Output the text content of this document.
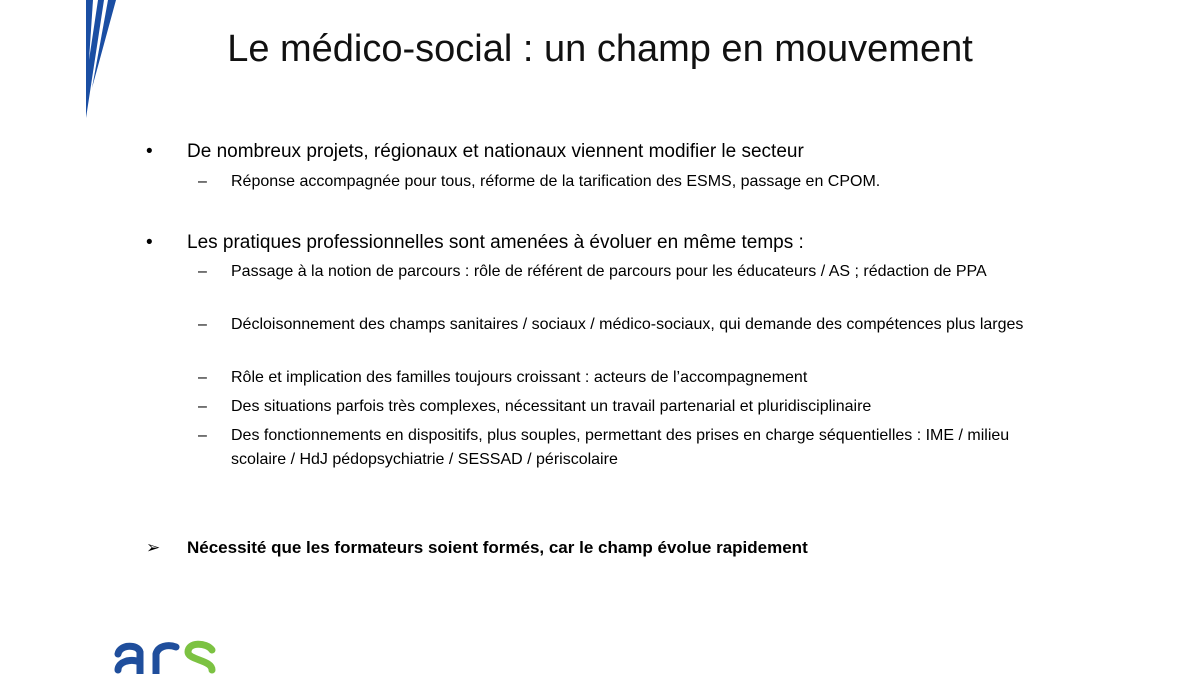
Le médico-social : un champ en mouvement
•	De nombreux projets, régionaux et nationaux viennent modifier le secteur
– Réponse accompagnée pour tous, réforme de la tarification des ESMS, passage en CPOM.
•	Les pratiques professionnelles sont amenées à évoluer en même temps :
– Passage à la notion de parcours : rôle de référent de parcours pour les éducateurs / AS ; rédaction de PPA
– Décloisonnement des champs sanitaires / sociaux / médico-sociaux, qui demande des compétences plus larges
– Rôle et implication des familles toujours croissant : acteurs de l’accompagnement
– Des situations parfois très complexes, nécessitant un travail partenarial et pluridisciplinaire
– Des fonctionnements en dispositifs, plus souples, permettant des prises en charge séquentielles : IME / milieu scolaire / HdJ pédopsychiatrie / SESSAD / périscolaire
➢ Nécessité que les formateurs soient formés, car le champ évolue rapidement
